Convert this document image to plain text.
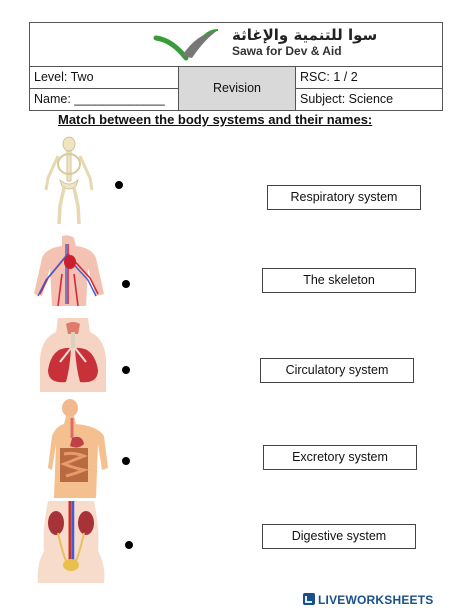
سوا للتنمية والإغاثة
Sawa for Dev & Aid
Level: Two
Name: _____________
Revision
RSC: 1 / 2
Subject: Science
Match between the body systems and their names:
Respiratory system
The skeleton
Circulatory system
Excretory system
Digestive system
LIVEWORKSHEETS
